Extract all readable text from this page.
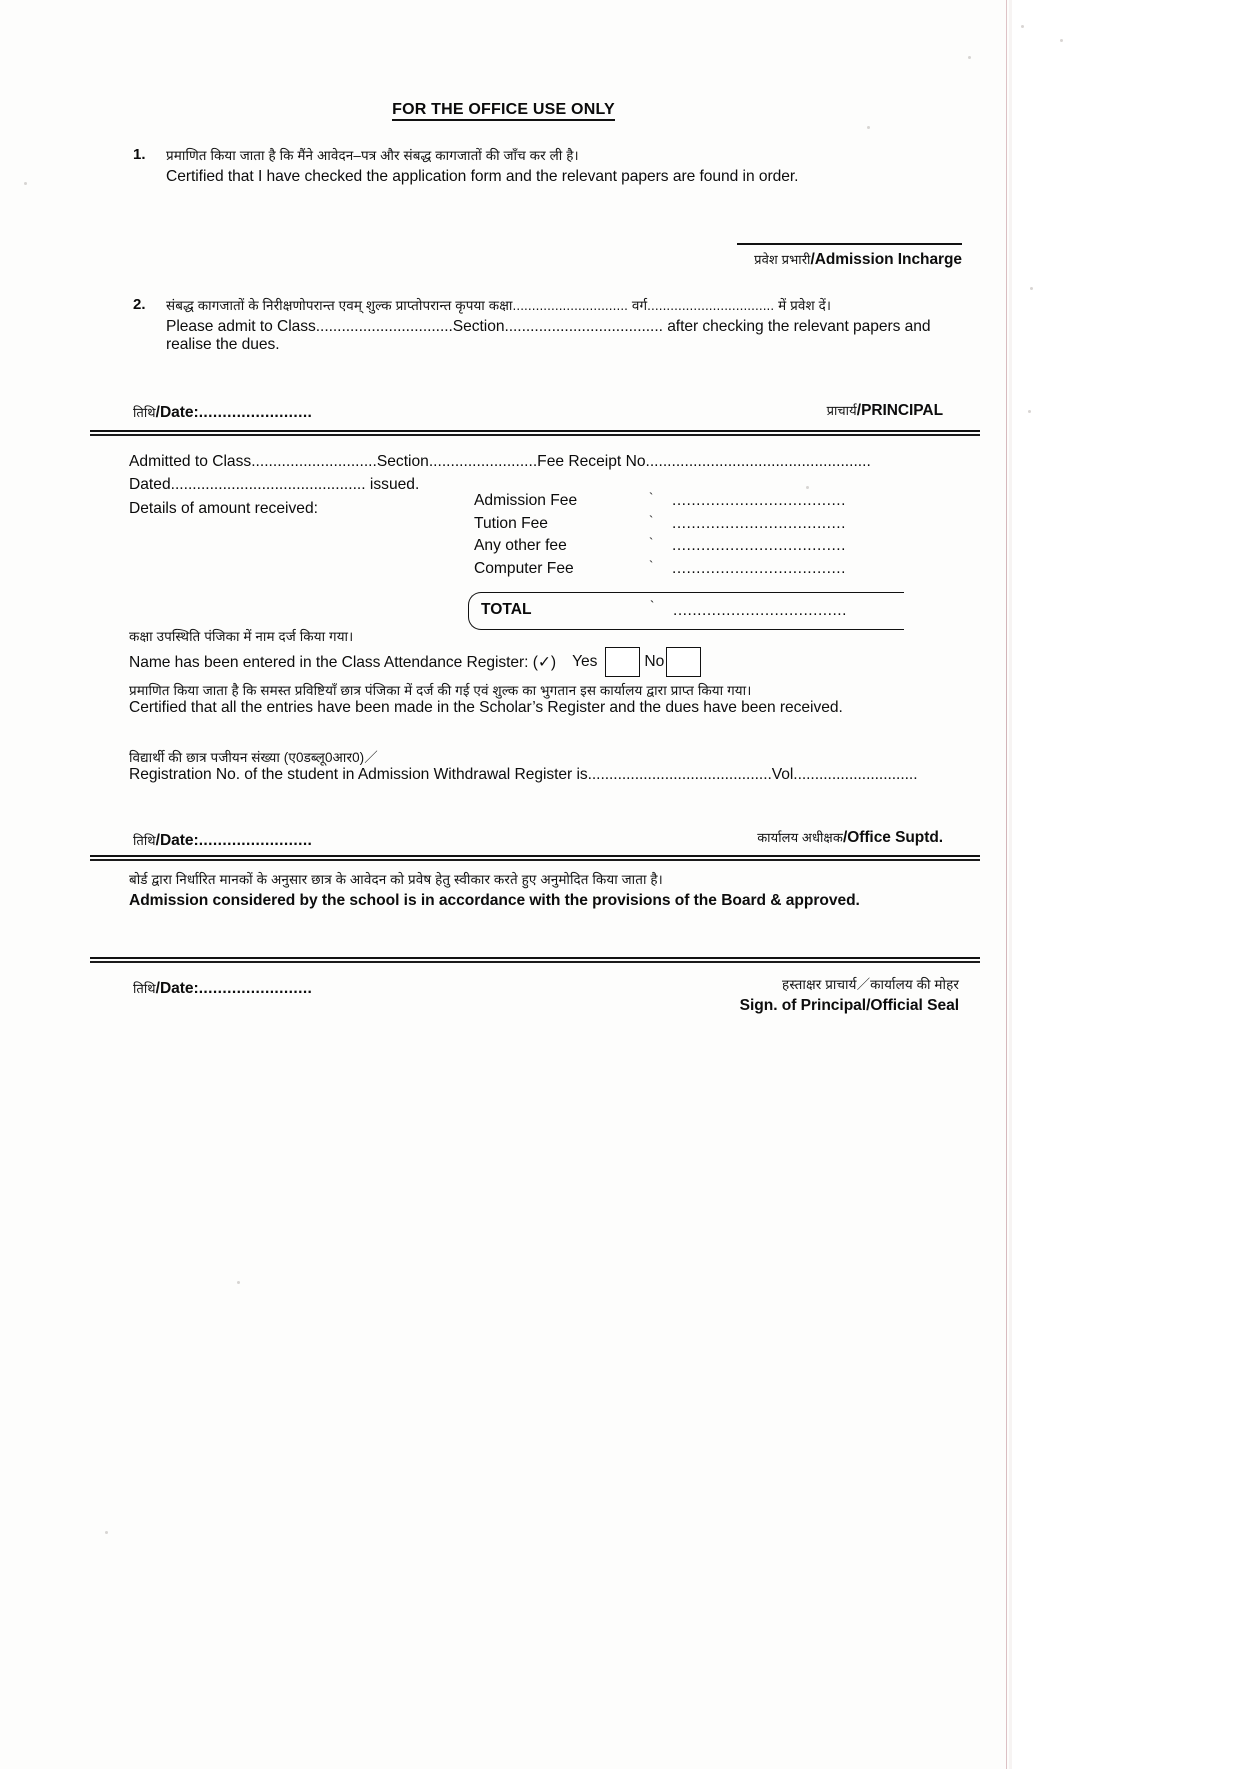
FOR THE OFFICE USE ONLY
1. प्रमाणित किया जाता है कि मैंने आवेदन–पत्र और संबद्ध कागजातों की जाँच कर ली है।
Certified that I have checked the application form and the relevant papers are found in order.
प्रवेश प्रभारी/Admission Incharge
2. संबद्ध कागजातों के निरीक्षणोपरान्त एवम् शुल्क प्राप्तोपरान्त कृपया कक्षा.............................. वर्ग................................. में प्रवेश दें।
Please admit to Class................................Section..................................... after checking the relevant papers and
realise the dues.
तिथि/Date:........................	प्राचार्य/PRINCIPAL
Admitted to Class.............................Section.........................Fee Receipt No....................................................
Dated............................................. issued.
Details of amount received:	Admission Fee	` ....................................
Tution Fee	` ....................................
Any other fee	` ....................................
Computer Fee	` ....................................
TOTAL	` ....................................
कक्षा उपस्थिति पंजिका में नाम दर्ज किया गया।
Name has been entered in the Class Attendance Register: (✓) Yes	No
प्रमाणित किया जाता है कि समस्त प्रविष्टियाँ छात्र पंजिका में दर्ज की गई एवं शुल्क का भुगतान इस कार्यालय द्वारा प्राप्त किया गया।
Certified that all the entries have been made in the Scholar’s Register and the dues have been received.
विद्यार्थी की छात्र पजीयन संख्या (ए0डब्लू0आर0)／
Registration No. of the student in Admission Withdrawal Register is...........................................Vol.............................
तिथि/Date:........................	कार्यालय अधीक्षक/Office Suptd.
बोर्ड द्वारा निर्धारित मानकों के अनुसार छात्र के आवेदन को प्रवेष हेतु स्वीकार करते हुए अनुमोदित किया जाता है।
Admission considered by the school is in accordance with the provisions of the Board & approved.
तिथि/Date:........................	हस्ताक्षर प्राचार्य／कार्यालय की मोहर
Sign. of Principal/Official Seal
